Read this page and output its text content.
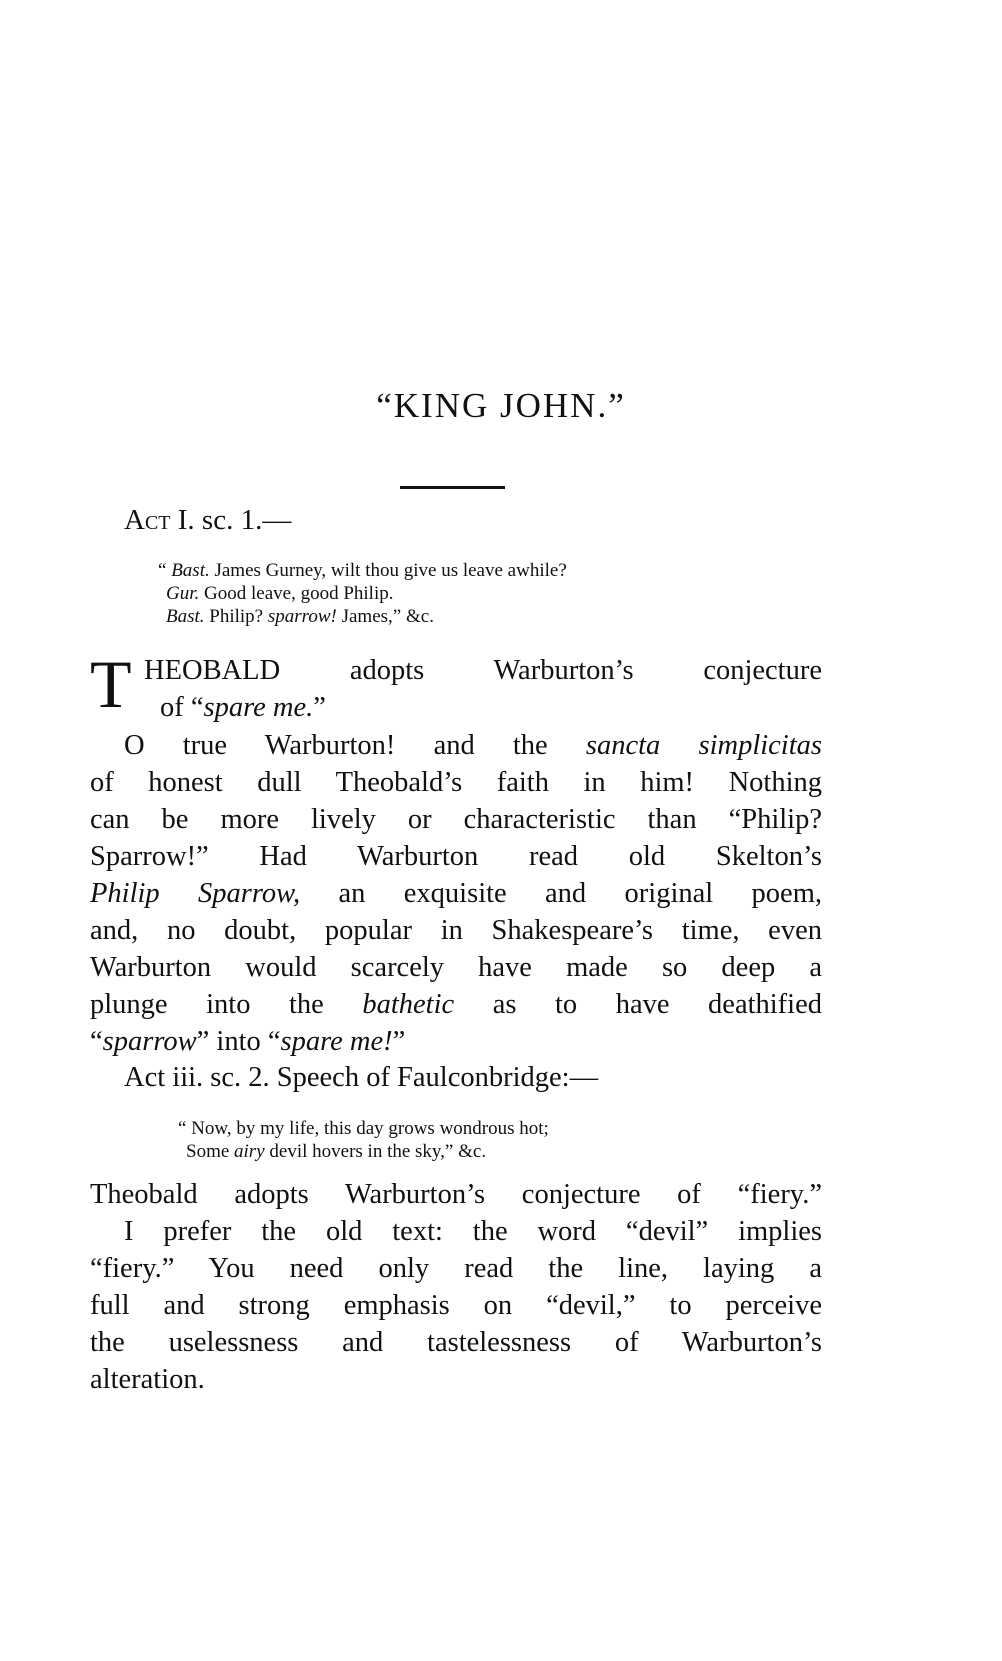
“KING JOHN.”
Act I. sc. 1.—
“ Bast. James Gurney, wilt thou give us leave awhile?
Gur. Good leave, good Philip.
Bast. Philip? sparrow! James,” &c.
T HEOBALD adopts Warburton’s conjecture
of “spare me.”
O true Warburton! and the sancta simplicitas
of honest dull Theobald’s faith in him! Nothing
can be more lively or characteristic than “Philip?
Sparrow!” Had Warburton read old Skelton’s
Philip Sparrow, an exquisite and original poem,
and, no doubt, popular in Shakespeare’s time, even
Warburton would scarcely have made so deep a
plunge into the bathetic as to have deathified
“sparrow” into “spare me!”
Act iii. sc. 2. Speech of Faulconbridge:—
“ Now, by my life, this day grows wondrous hot;
Some airy devil hovers in the sky,” &c.
Theobald adopts Warburton’s conjecture of “fiery.”
I prefer the old text: the word “devil” implies
“fiery.” You need only read the line, laying a
full and strong emphasis on “devil,” to perceive
the uselessness and tastelessness of Warburton’s
alteration.
